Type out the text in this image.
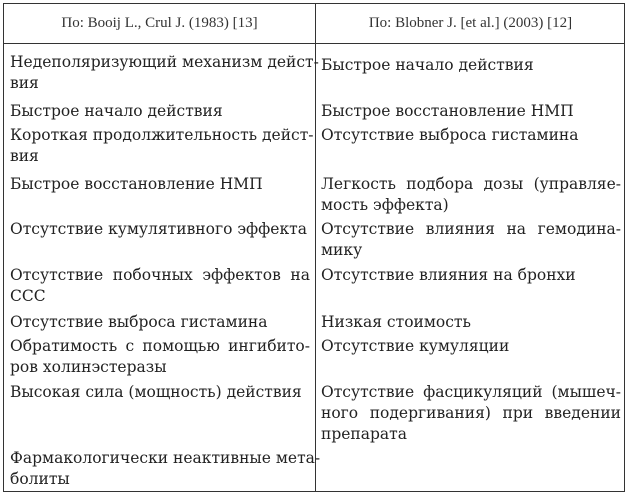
По: Booij L., Crul J. (1983) [13]	По: Blobner J. [et al.] (2003) [12]
Недеполяризующий механизм дейст-
вия
Быстрое начало действия
Короткая продолжительность дейст-
вия
Быстрое восстановление НМП
Отсутствие кумулятивного эффекта
Отсутствие побочных эффектов на
ССС
Отсутствие выброса гистамина
Обратимость с помощью ингибито-
ров холинэстеразы
Высокая сила (мощность) действия
Фармакологически неактивные мета-
болиты
Быстрое начало действия
Быстрое восстановление НМП
Отсутствие выброса гистамина
Легкость подбора дозы (управляе-
мость эффекта)
Отсутствие влияния на гемодина-
мику
Отсутствие влияния на бронхи
Низкая стоимость
Отсутствие кумуляции
Отсутствие фасцикуляций (мышеч-
ного подергивания) при введении
препарата
